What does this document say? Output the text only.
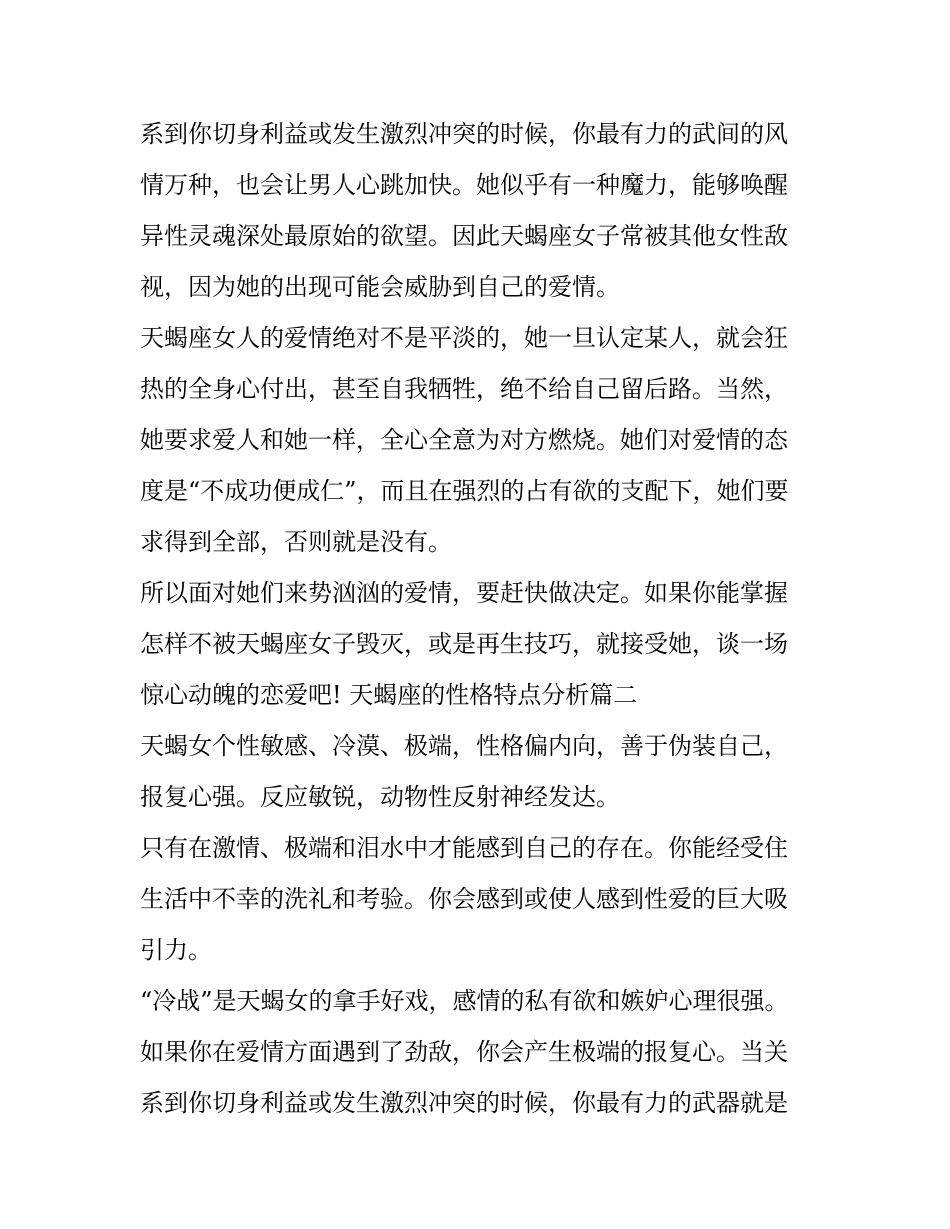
系到你切身利益或发生激烈冲突的时候，你最有力的武间的风
情万种，也会让男人心跳加快。她似乎有一种魔力，能够唤醒
异性灵魂深处最原始的欲望。因此天蝎座女子常被其他女性敌
视，因为她的出现可能会威胁到自己的爱情。
天蝎座女人的爱情绝对不是平淡的，她一旦认定某人，就会狂
热的全身心付出，甚至自我牺牲，绝不给自己留后路。当然，
她要求爱人和她一样，全心全意为对方燃烧。她们对爱情的态
度是“不成功便成仁”，而且在强烈的占有欲的支配下，她们要
求得到全部，否则就是没有。
所以面对她们来势汹汹的爱情，要赶快做决定。如果你能掌握
怎样不被天蝎座女子毁灭，或是再生技巧，就接受她，谈一场
惊心动魄的恋爱吧! 天蝎座的性格特点分析篇二
天蝎女个性敏感、冷漠、极端，性格偏内向，善于伪装自己，
报复心强。反应敏锐，动物性反射神经发达。
只有在激情、极端和泪水中才能感到自己的存在。你能经受住
生活中不幸的洗礼和考验。你会感到或使人感到性爱的巨大吸
引力。
“冷战”是天蝎女的拿手好戏，感情的私有欲和嫉妒心理很强。
如果你在爱情方面遇到了劲敌，你会产生极端的报复心。当关
系到你切身利益或发生激烈冲突的时候，你最有力的武器就是
